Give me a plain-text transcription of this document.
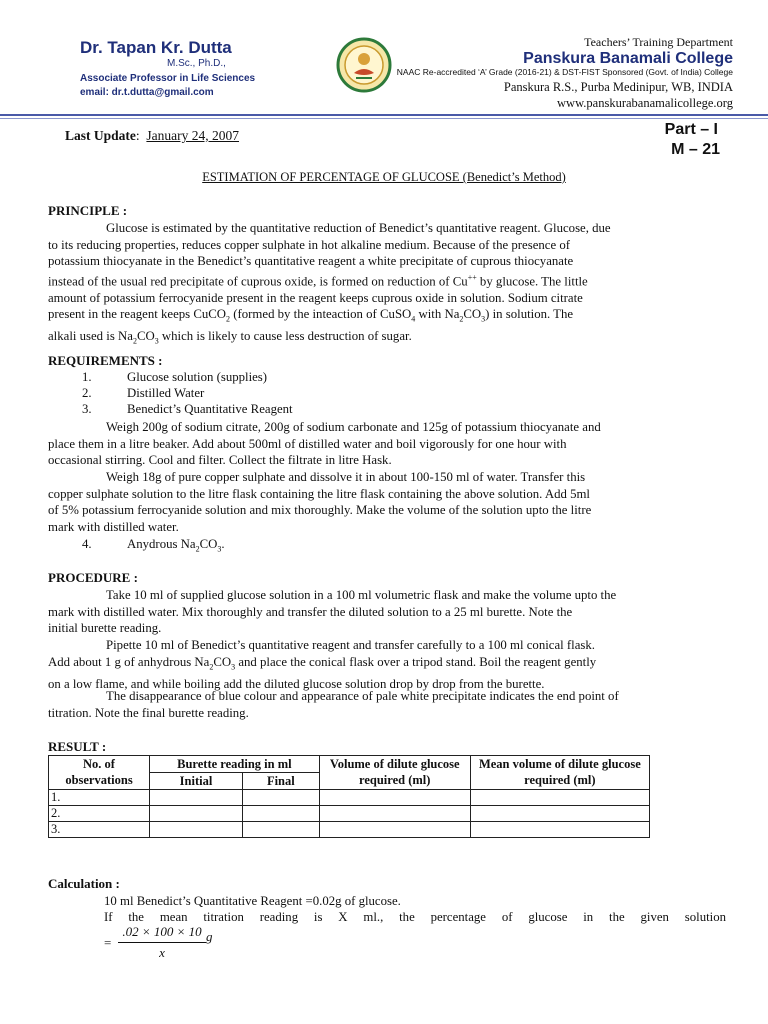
Dr. Tapan Kr. Dutta
M.Sc., Ph.D.,
Associate Professor in Life Sciences
email: dr.t.dutta@gmail.com
Teachers’ Training Department
Panskura Banamali College
NAAC Re-accredited ‘A’ Grade (2016-21) & DST-FIST Sponsored (Govt. of India) College
Panskura R.S., Purba Medinipur, WB, INDIA
www.panskurabanamalicollege.org
Last Update:  January 24, 2007	Part – I
M – 21
ESTIMATION OF PERCENTAGE OF GLUCOSE (Benedict’s Method)
PRINCIPLE :
Glucose is estimated by the quantitative reduction of Benedict’s quantitative reagent. Glucose, due
to its reducing properties, reduces copper sulphate in hot alkaline medium. Because of the presence of
potassium thiocyanate in the Benedict’s quantitative reagent a white precipitate of cuprous thiocyanate
instead of the usual red precipitate of cuprous oxide, is formed on reduction of Cu++ by glucose. The little
amount of potassium ferrocyanide present in the reagent keeps cuprous oxide in solution. Sodium citrate
present in the reagent keeps CuCO$_2$ (formed by the inteaction of CuSO$_4$ with $Na_2CO_3$) in solution. The
alkali used is $Na_2CO_3$ which is likely to cause less destruction of sugar.
REQUIREMENTS :
1.	Glucose solution (supplies)
2.	Distilled Water
3.	Benedict’s Quantitative Reagent
Weigh 200g of sodium citrate, 200g of sodium carbonate and 125g of potassium thiocyanate and
place them in a litre beaker. Add about 500ml of distilled water and boil vigorously for one hour with
occasional stirring. Cool and filter. Collect the filtrate in litre Hask.
Weigh 18g of pure copper sulphate and dissolve it in about 100-150 ml of water. Transfer this
copper sulphate solution to the litre flask containing the litre flask containing the above solution. Add 5ml
of 5% potassium ferrocyanide solution and mix thoroughly. Make the volume of the solution upto the litre
mark with distilled water.
4.	Anydrous $Na_2CO_3$.
PROCEDURE :
Take 10 ml of supplied glucose solution in a 100 ml volumetric flask and make the volume upto the
mark with distilled water. Mix thoroughly and transfer the diluted solution to a 25 ml burette. Note the
initial burette reading.
Pipette 10 ml of Benedict’s quantitative reagent and transfer carefully to a 100 ml conical flask.
Add about 1 g of anhydrous $Na_2CO_3$ and place the conical flask over a tripod stand. Boil the reagent gently
on a low flame, and while boiling add the diluted glucose solution drop by drop from the burette.
The disappearance of blue colour and appearance of pale white precipitate indicates the end point of
titration. Note the final burette reading.
RESULT :
No. of observations	Burette reading in ml		Volume of dilute glucose required (ml)	Mean volume of dilute glucose required (ml)
	Initial	Final		
1.				
2.				
3.				
Calculation :
10 ml Benedict’s Quantitative Reagent =0.02g of glucose.
If the mean titration reading is X ml., the percentage of glucose in the given solution
= $\frac{.02 \times 100 \times 10}{x}$ g
